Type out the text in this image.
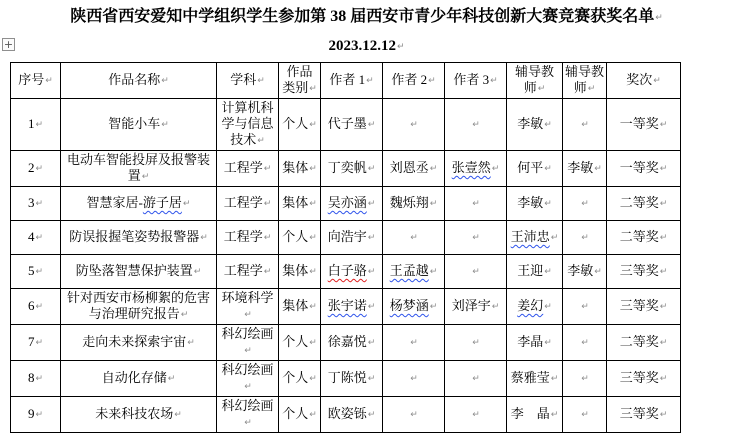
陕西省西安爱知中学组织学生参加第 38 届西安市青少年科技创新大赛竞赛获奖名单↵
2023.12.12↵
+
序号↵	作品名称↵	学科↵	作品类别↵	作者 1↵	作者 2↵	作者 3↵	辅导教师↵	辅导教师↵	奖次↵
1↵	智能小车↵	计算机科学与信息技术↵	个人↵	代子墨↵	↵	↵	李敏↵	↵	一等奖↵
2↵	电动车智能投屏及报警装置↵	工程学↵	集体↵	丁奕帆↵	刘恩丞↵	张壹然↵	何平↵	李敏↵	一等奖↵
3↵	智慧家居-游子居↵	工程学↵	集体↵	吴亦涵↵	魏烁翔↵	↵	李敏↵	↵	二等奖↵
4↵	防误报握笔姿势报警器↵	工程学↵	个人↵	向浩宇↵	↵	↵	王沛忠↵	↵	二等奖↵
5↵	防坠落智慧保护装置↵	工程学↵	集体↵	白子骆↵	王孟越↵	↵	王迎↵	李敏↵	三等奖↵
6↵	针对西安市杨柳絮的危害与治理研究报告↵	环境科学↵	集体↵	张宇诺↵	杨梦涵↵	刘泽宇↵	姜幻↵	↵	三等奖↵
7↵	走向未来探索宇宙↵	科幻绘画↵	个人↵	徐嘉悦↵	↵	↵	李晶↵	↵	二等奖↵
8↵	自动化存储↵	科幻绘画↵	个人↵	丁陈悦↵	↵	↵	蔡雅莹↵	↵	三等奖↵
9↵	未来科技农场↵	科幻绘画↵	个人↵	欧姿铄↵	↵	↵	李　晶↵	↵	三等奖↵
